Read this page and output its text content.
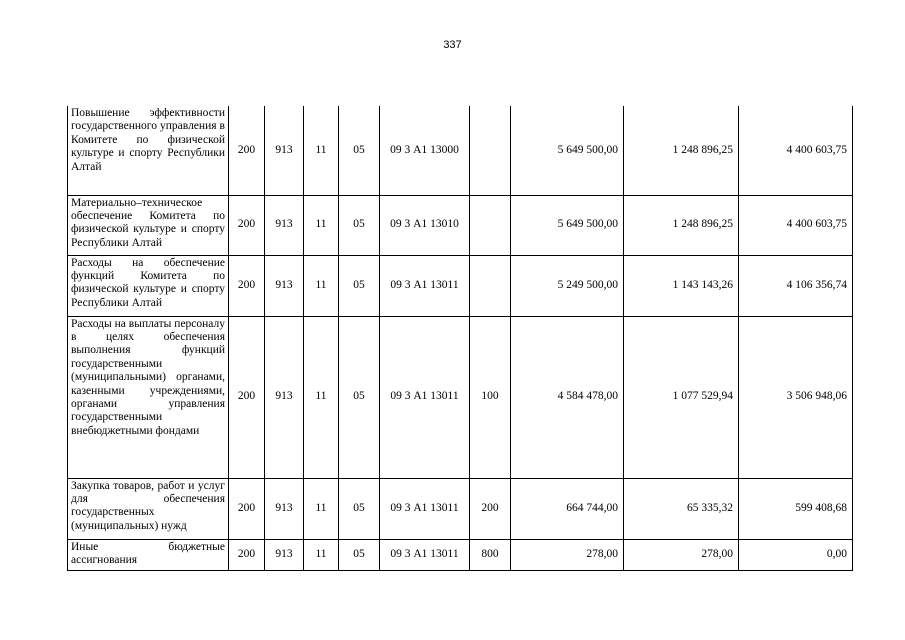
337
Повышение эффективности государственного управления в Комитете по физической культуре и спорту Республики Алтай	200	913	11	05	09 3 А1 13000		5 649 500,00	1 248 896,25	4 400 603,75
Материально–техническое обеспечение Комитета по физической культуре и спорту Республики Алтай	200	913	11	05	09 3 А1 13010		5 649 500,00	1 248 896,25	4 400 603,75
Расходы на обеспечение функций Комитета по физической культуре и спорту Республики Алтай	200	913	11	05	09 3 А1 13011		5 249 500,00	1 143 143,26	4 106 356,74
Расходы на выплаты персоналу в целях обеспечения выполнения функций государственными (муниципальными) органами, казенными учреждениями, органами управления государственными внебюджетными фондами	200	913	11	05	09 3 А1 13011	100	4 584 478,00	1 077 529,94	3 506 948,06
Закупка товаров, работ и услуг для обеспечения государственных (муниципальных) нужд	200	913	11	05	09 3 А1 13011	200	664 744,00	65 335,32	599 408,68
Иные бюджетные ассигнования	200	913	11	05	09 3 А1 13011	800	278,00	278,00	0,00
